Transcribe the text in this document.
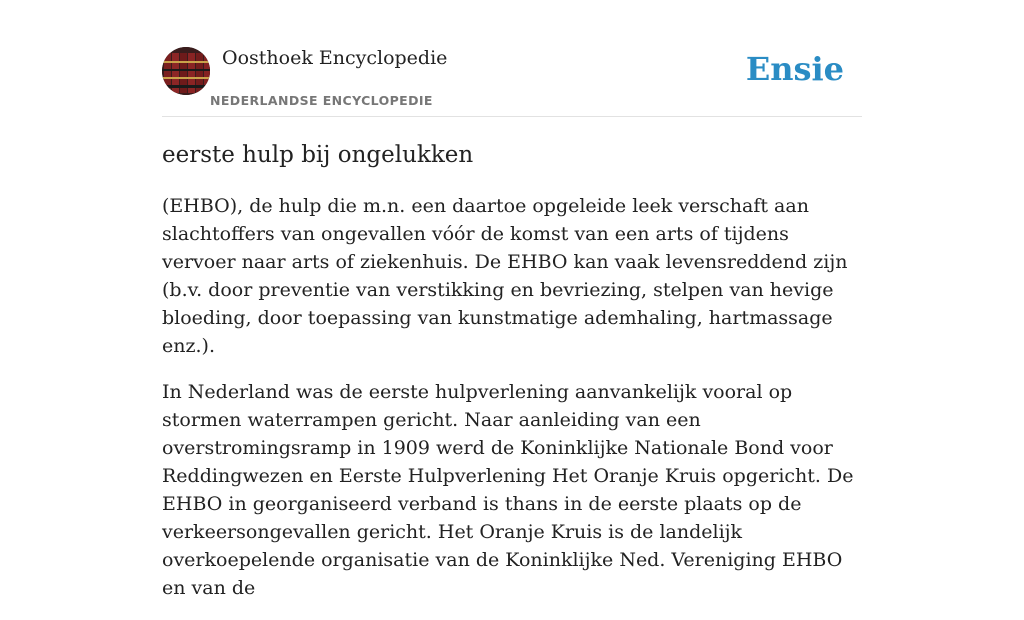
Oosthoek Encyclopedie
NEDERLANDSE ENCYCLOPEDIE
Ensie
eerste hulp bij ongelukken

(EHBO), de hulp die m.n. een daartoe opgeleide leek verschaft aan slachtoffers van ongevallen vóór de komst van een arts of tijdens vervoer naar arts of ziekenhuis. De EHBO kan vaak levensreddend zijn (b.v. door preventie van verstikking en bevriezing, stelpen van hevige bloeding, door toepassing van kunstmatige ademhaling, hartmassage enz.).

In Nederland was de eerste hulpverlening aanvankelijk vooral op stormen waterrampen gericht. Naar aanleiding van een overstromingsramp in 1909 werd de Koninklijke Nationale Bond voor Reddingwezen en Eerste Hulpverlening Het Oranje Kruis opgericht. De EHBO in georganiseerd verband is thans in de eerste plaats op de verkeersongevallen gericht. Het Oranje Kruis is de landelijk overkoepelende organisatie van de Koninklijke Ned. Vereniging EHBO en van de
